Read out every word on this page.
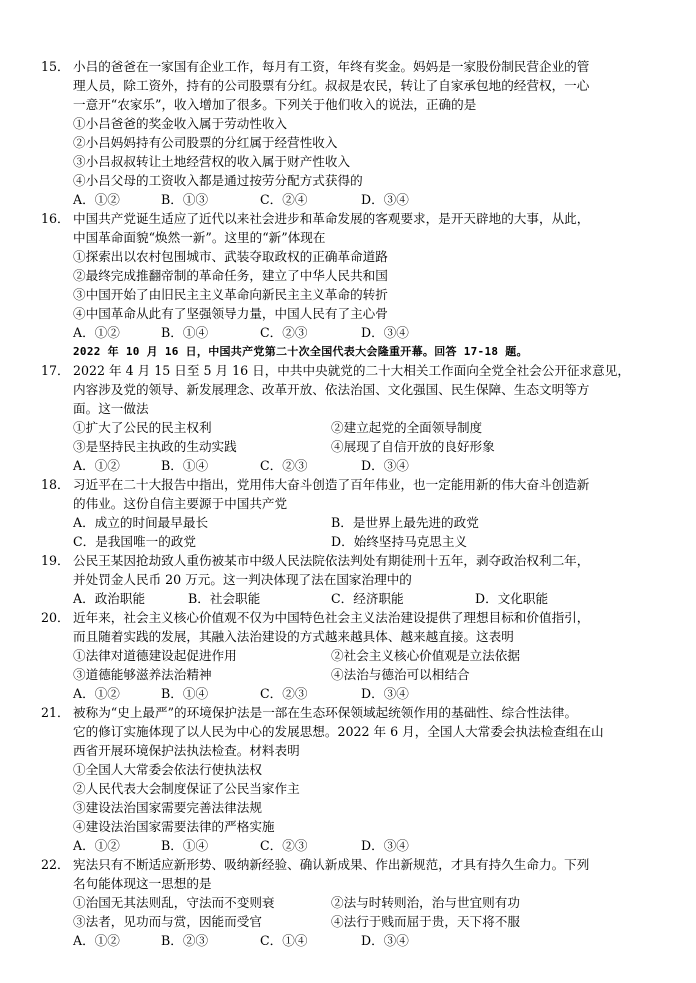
15． 小吕的爸爸在一家国有企业工作，每月有工资，年终有奖金。妈妈是一家股份制民营企业的管
理人员，除工资外，持有的公司股票有分红。叔叔是农民，转让了自家承包地的经营权，一心
一意开“农家乐”，收入增加了很多。下列关于他们收入的说法，正确的是
①小吕爸爸的奖金收入属于劳动性收入
②小吕妈妈持有公司股票的分红属于经营性收入
③小吕叔叔转让土地经营权的收入属于财产性收入
④小吕父母的工资收入都是通过按劳分配方式获得的
A．①②	B．①③	C．②④	D．③④
16． 中国共产党诞生适应了近代以来社会进步和革命发展的客观要求，是开天辟地的大事，从此，
中国革命面貌“焕然一新”。这里的“新”体现在
①探索出以农村包围城市、武装夺取政权的正确革命道路
②最终完成推翻帝制的革命任务，建立了中华人民共和国
③中国开始了由旧民主主义革命向新民主主义革命的转折
④中国革命从此有了坚强领导力量，中国人民有了主心骨
A．①②	B．①④	C．②③	D．③④
2022 年 10 月 16 日，中国共产党第二十次全国代表大会隆重开幕。回答 17-18 题。
17． 2022 年 4 月 15 日至 5 月 16 日，中共中央就党的二十大相关工作面向全党全社会公开征求意见，
内容涉及党的领导、新发展理念、改革开放、依法治国、文化强国、民生保障、生态文明等方
面。这一做法
①扩大了公民的民主权利	②建立起党的全面领导制度
③是坚持民主执政的生动实践	④展现了自信开放的良好形象
A．①②	B．①④	C．②③	D．③④
18． 习近平在二十大报告中指出，党用伟大奋斗创造了百年伟业，也一定能用新的伟大奋斗创造新
的伟业。这份自信主要源于中国共产党
A．成立的时间最早最长	B．是世界上最先进的政党
C．是我国唯一的政党	D．始终坚持马克思主义
19． 公民王某因抢劫致人重伤被某市中级人民法院依法判处有期徒刑十五年，剥夺政治权利二年，
并处罚金人民币 20 万元。这一判决体现了法在国家治理中的
A．政治职能	B．社会职能	C．经济职能	D．文化职能
20． 近年来，社会主义核心价值观不仅为中国特色社会主义法治建设提供了理想目标和价值指引，
而且随着实践的发展，其融入法治建设的方式越来越具体、越来越直接。这表明
①法律对道德建设起促进作用	②社会主义核心价值观是立法依据
③道德能够滋养法治精神	④法治与德治可以相结合
A．①②	B．①④	C．②③	D．③④
21． 被称为“史上最严”的环境保护法是一部在生态环保领域起统领作用的基础性、综合性法律。
它的修订实施体现了以人民为中心的发展思想。2022 年 6 月，全国人大常委会执法检查组在山
西省开展环境保护法执法检查。材料表明
①全国人大常委会依法行使执法权
②人民代表大会制度保证了公民当家作主
③建设法治国家需要完善法律法规
④建设法治国家需要法律的严格实施
A．①②	B．①④	C．②③	D．③④
22． 宪法只有不断适应新形势、吸纳新经验、确认新成果、作出新规范，才具有持久生命力。下列
名句能体现这一思想的是
①治国无其法则乱，守法而不变则衰	②法与时转则治，治与世宜则有功
③法者，见功而与赏，因能而受官	④法行于贱而屈于贵，天下将不服
A．①②	B．②③	C．①④	D．③④
